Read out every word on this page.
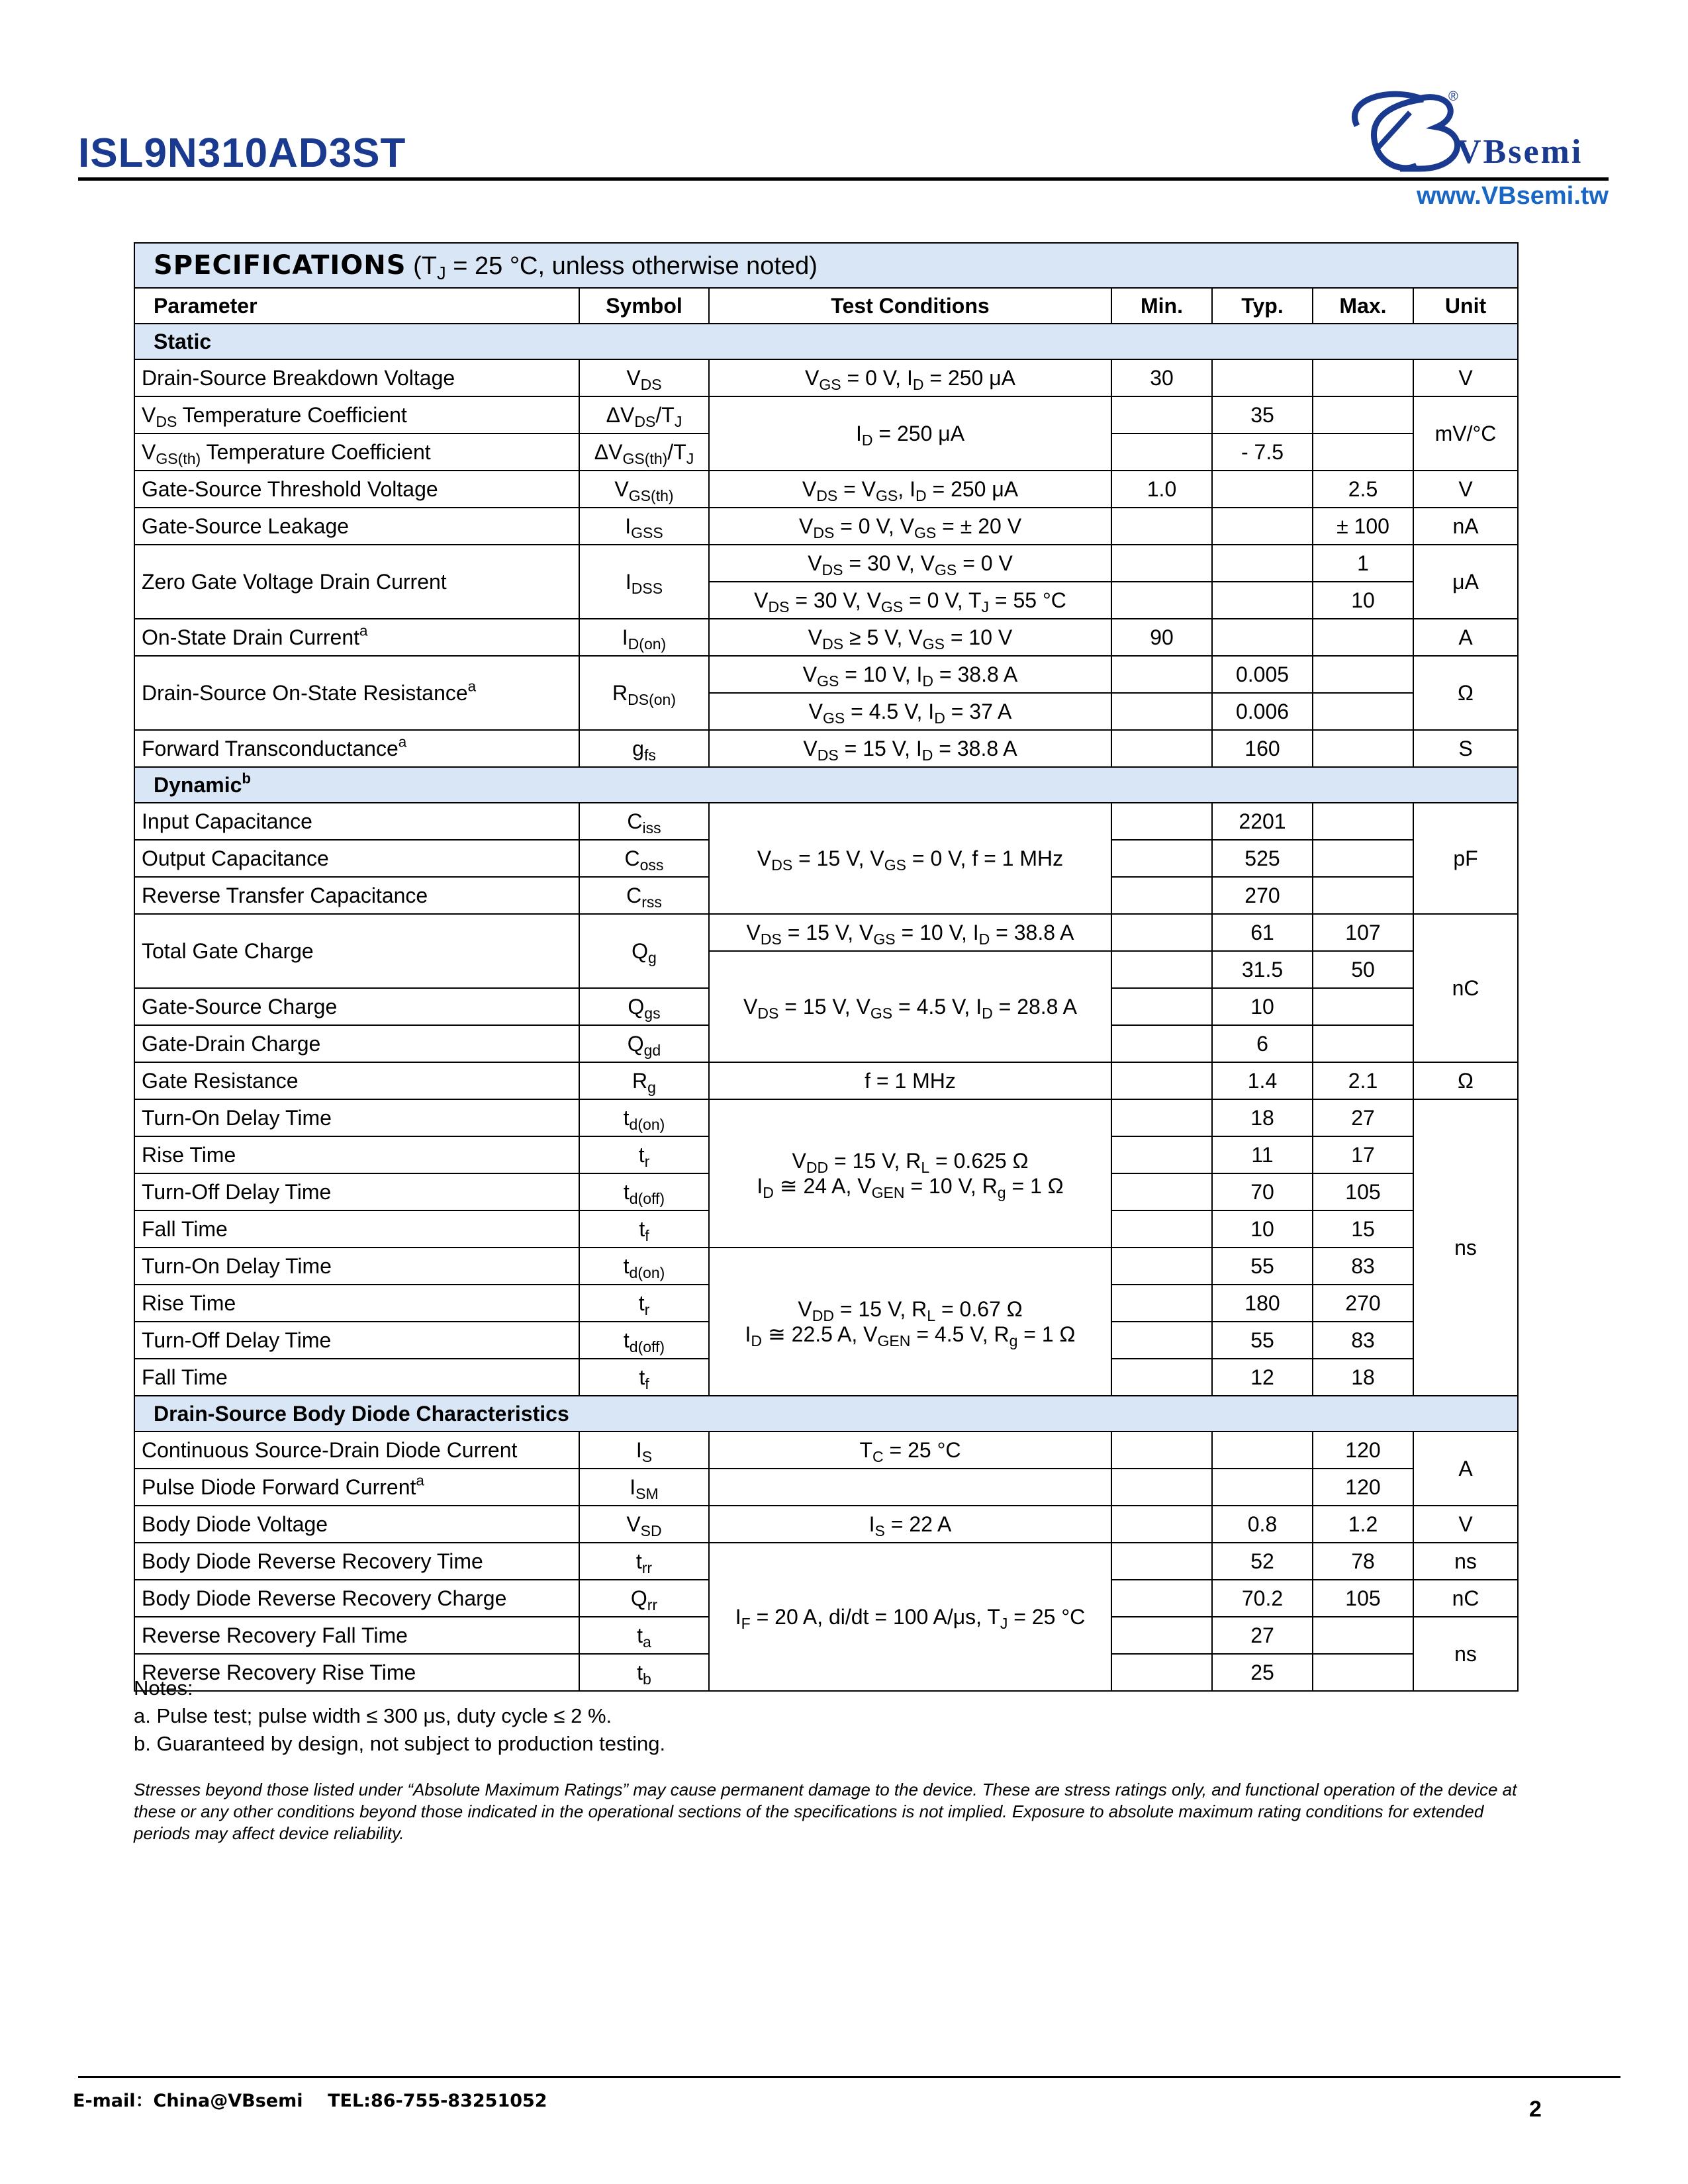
ISL9N310AD3ST
®
VBsemi
www.VBsemi.tw
SPECIFICATIONS ($T_J = 25$ °C, unless otherwise noted)						
Parameter	Symbol	Test Conditions	Min.	Typ.	Max.	Unit
Static						
Drain-Source Breakdown Voltage	$V_{DS}$	$V_{GS} = 0$ V, $I_D = 250$ μA	30			V
$V_{DS}$ Temperature Coefficient	$\Delta V_{DS}/T_J$	$I_D = 250$ μA		35		mV/°C
$V_{GS(th)}$ Temperature Coefficient	$\Delta V_{GS(th)}/T_J$			- 7.5		
Gate-Source Threshold Voltage	$V_{GS(th)}$	$V_{DS} = V_{GS}$, $I_D = 250$ μA	1.0		2.5	V
Gate-Source Leakage	$I_{GSS}$	$V_{DS} = 0$ V, $V_{GS}$ = ± 20 V			± 100	nA
Zero Gate Voltage Drain Current	$I_{DSS}$	$V_{DS} = 30$ V, $V_{GS} = 0$ V			1	μA
		$V_{DS} = 30$ V, $V_{GS} = 0$ V, $T_J = 55$ °C			10	
On-State Drain Current$^a$	$I_{D(on)}$	$V_{DS} \ge 5$ V, $V_{GS} = 10$ V	90			A
Drain-Source On-State Resistance$^a$	$R_{DS(on)}$	$V_{GS} = 10$ V, $I_D = 38.8$ A		0.005		Ω
		$V_{GS} = 4.5$ V, $I_D = 37$ A		0.006		
Forward Transconductance$^a$	$g_{fs}$	$V_{DS} = 15$ V, $I_D = 38.8$ A		160		S
Dynamic$^b$
Input Capacitance	$C_{iss}$	$V_{DS} = 15$ V, $V_{GS} = 0$ V, f = 1 MHz		2201		pF
Output Capacitance	$C_{oss}$			525		
Reverse Transfer Capacitance	$C_{rss}$			270		
Total Gate Charge	$Q_g$	$V_{DS} = 15$ V, $V_{GS} = 10$ V, $I_D = 38.8$ A		61	107	nC
		$V_{DS} = 15$ V, $V_{GS} = 4.5$ V, $I_D = 28.8$ A		31.5	50	
Gate-Source Charge	$Q_{gs}$			10		
Gate-Drain Charge	$Q_{gd}$			6		
Gate Resistance	$R_g$	f = 1 MHz		1.4	2.1	Ω
Turn-On Delay Time	$t_{d(on)}$	$V_{DD} = 15$ V, $R_L = 0.625$ Ω
$I_D$ ≅ 24 A, $V_{GEN} = 10$ V, $R_g = 1$ Ω		18	27	ns
Rise Time	$t_r$			11	17	
Turn-Off Delay Time	$t_{d(off)}$			70	105	
Fall Time	$t_f$			10	15	
Turn-On Delay Time	$t_{d(on)}$	$V_{DD} = 15$ V, $R_L = 0.67$ Ω
$I_D$ ≅ 22.5 A, $V_{GEN} = 4.5$ V, $R_g = 1$ Ω		55	83	
Rise Time	$t_r$			180	270	
Turn-Off Delay Time	$t_{d(off)}$			55	83	
Fall Time	$t_f$			12	18	
Drain-Source Body Diode Characteristics						
Continuous Source-Drain Diode Current	$I_S$	$T_C = 25$ °C			120	A
Pulse Diode Forward Current$^a$	$I_{SM}$				120	
Body Diode Voltage	$V_{SD}$	$I_S = 22$ A		0.8	1.2	V
Body Diode Reverse Recovery Time	$t_{rr}$	$I_F = 20$ A, di/dt = 100 A/μs, $T_J = 25$ °C		52	78	ns
Body Diode Reverse Recovery Charge	$Q_{rr}$			70.2	105	nC
Reverse Recovery Fall Time	$t_a$			27		ns
Reverse Recovery Rise Time	$t_b$			25		
Notes:
a. Pulse test; pulse width ≤ 300 μs, duty cycle ≤ 2 %.
b. Guaranteed by design, not subject to production testing.
Stresses beyond those listed under “Absolute Maximum Ratings” may cause permanent damage to the device. These are stress ratings only, and functional operation of the device at these or any other conditions beyond those indicated in the operational sections of the specifications is not implied. Exposure to absolute maximum rating conditions for extended periods may affect device reliability.
E-mail：China@VBsemi    TEL:86-755-83251052	2
